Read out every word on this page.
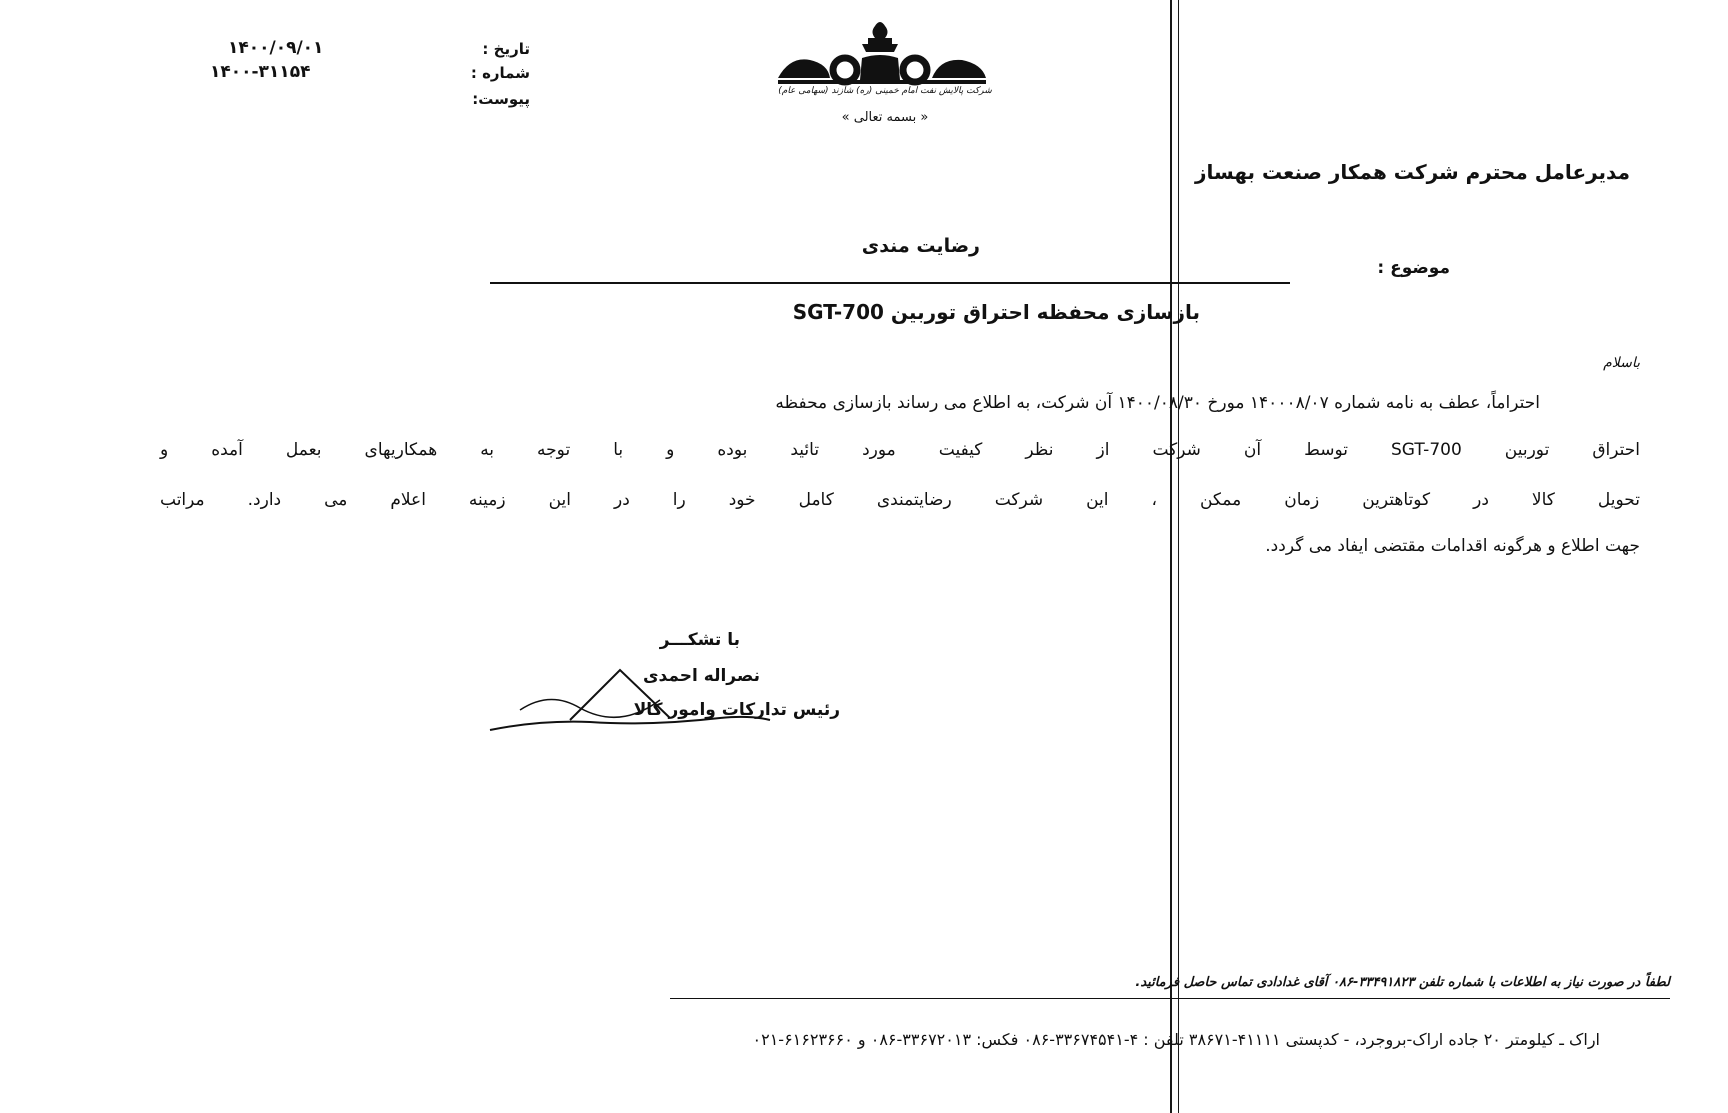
تاریخ :
۱۴۰۰/۰۹/۰۱
شماره :
۱۴۰۰-۳۱۱۵۴
پیوست:	شرکت پالایش نفت امام خمینی (ره) شازند (سهامی عام)
« بسمه تعالی »
مدیرعامل محترم شرکت همکار صنعت بهساز
رضایت مندی
موضوع :
بازسازی محفظه احتراق توربین SGT-700
باسلام
احتراماً، عطف به نامه شماره ۱۴۰۰۰۸/۰۷ مورخ ۱۴۰۰/۰۸/۳۰ آن شرکت، به اطلاع می رساند بازسازی محفظه
احتراق توربین SGT-700 توسط آن شرکت از نظر کیفیت مورد تائید بوده و با توجه به همکاریهای بعمل آمده و
تحویل کالا در کوتاهترین زمان ممکن ، این شرکت رضایتمندی کامل خود را در این زمینه اعلام می دارد. مراتب
جهت اطلاع و هرگونه اقدامات مقتضی ایفاد می گردد.
با تشکـــر
نصراله احمدی
رئیس تدارکات وامور کالا
لطفاً در صورت نیاز به اطلاعات با شماره تلفن ۳۳۴۹۱۸۲۳-۰۸۶ آقای غدادادی تماس حاصل فرمائید.
اراک ـ کیلومتر ۲۰ جاده اراک-بروجرد، - کدپستی ۴۱۱۱۱-۳۸۶۷۱ تلفن : ۴-۳۳۶۷۴۵۴۱-۰۸۶ فکس: ۳۳۶۷۲۰۱۳-۰۸۶ و ۶۱۶۲۳۶۶۰-۰۲۱
